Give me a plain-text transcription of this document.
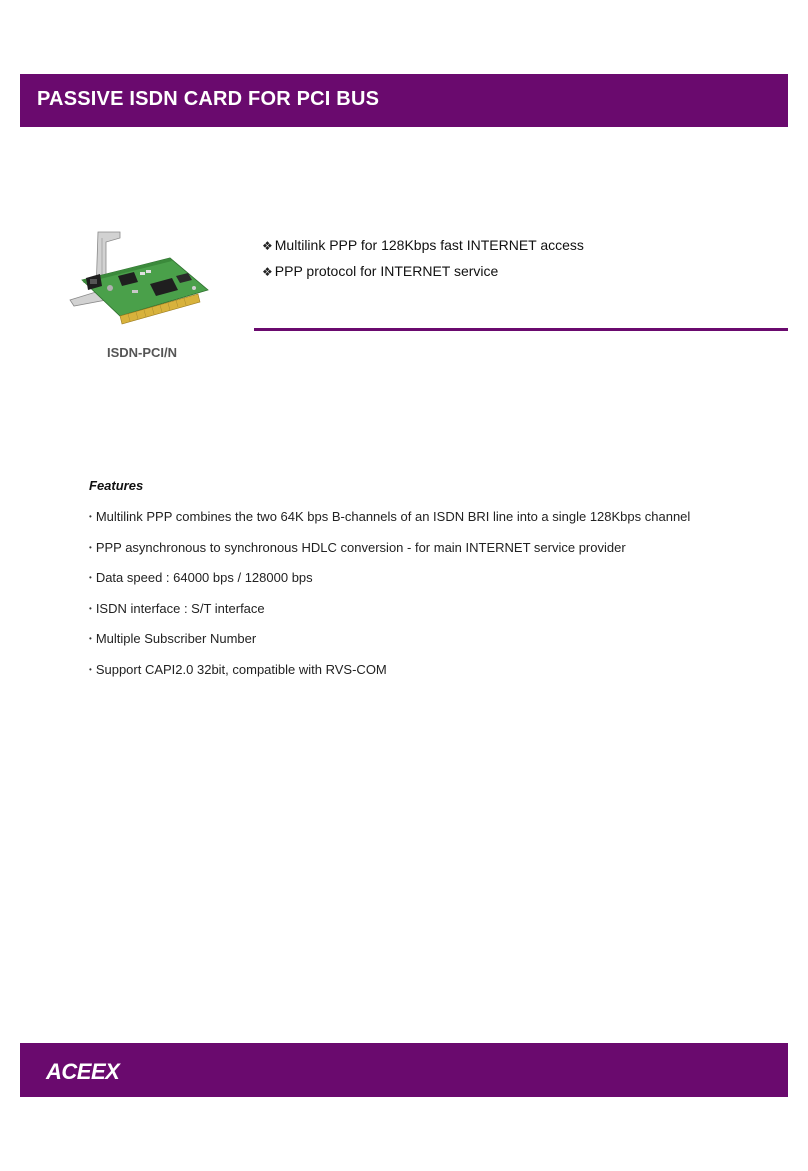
PASSIVE ISDN CARD FOR PCI BUS
ISDN-PCI/N
❖ Multilink PPP for 128Kbps fast INTERNET access
❖ PPP protocol for INTERNET service
Features
• Multilink PPP combines the two 64K bps B-channels of an ISDN BRI line into a single 128Kbps channel
• PPP asynchronous to synchronous HDLC conversion - for main INTERNET service provider
• Data speed : 64000 bps / 128000 bps
• ISDN interface : S/T interface
• Multiple Subscriber Number
• Support CAPI2.0 32bit, compatible with RVS-COM
ACEEX
